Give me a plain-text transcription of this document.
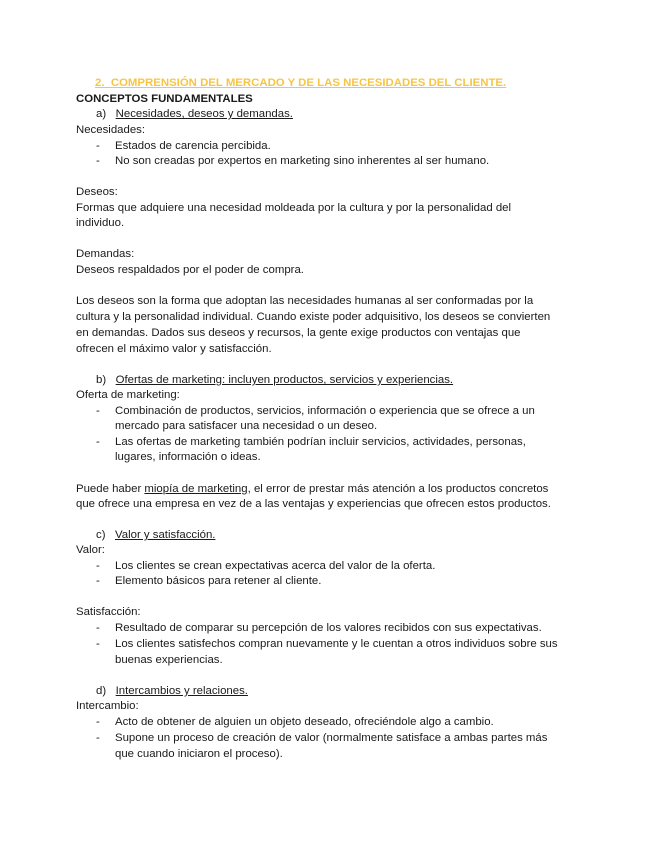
2. COMPRENSIÓN DEL MERCADO Y DE LAS NECESIDADES DEL CLIENTE.
CONCEPTOS FUNDAMENTALES
a) Necesidades, deseos y demandas.
Necesidades:
- Estados de carencia percibida.
- No son creadas por expertos en marketing sino inherentes al ser humano.
Deseos:
Formas que adquiere una necesidad moldeada por la cultura y por la personalidad del
individuo.
Demandas:
Deseos respaldados por el poder de compra.
Los deseos son la forma que adoptan las necesidades humanas al ser conformadas por la
cultura y la personalidad individual. Cuando existe poder adquisitivo, los deseos se convierten
en demandas. Dados sus deseos y recursos, la gente exige productos con ventajas que
ofrecen el máximo valor y satisfacción.
b) Ofertas de marketing: incluyen productos, servicios y experiencias.
Oferta de marketing:
- Combinación de productos, servicios, información o experiencia que se ofrece a un
mercado para satisfacer una necesidad o un deseo.
- Las ofertas de marketing también podrían incluir servicios, actividades, personas,
lugares, información o ideas.
Puede haber miopía de marketing, el error de prestar más atención a los productos concretos
que ofrece una empresa en vez de a las ventajas y experiencias que ofrecen estos productos.
c) Valor y satisfacción.
Valor:
- Los clientes se crean expectativas acerca del valor de la oferta.
- Elemento básicos para retener al cliente.
Satisfacción:
- Resultado de comparar su percepción de los valores recibidos con sus expectativas.
- Los clientes satisfechos compran nuevamente y le cuentan a otros individuos sobre sus
buenas experiencias.
d) Intercambios y relaciones.
Intercambio:
- Acto de obtener de alguien un objeto deseado, ofreciéndole algo a cambio.
- Supone un proceso de creación de valor (normalmente satisface a ambas partes más
que cuando iniciaron el proceso).
